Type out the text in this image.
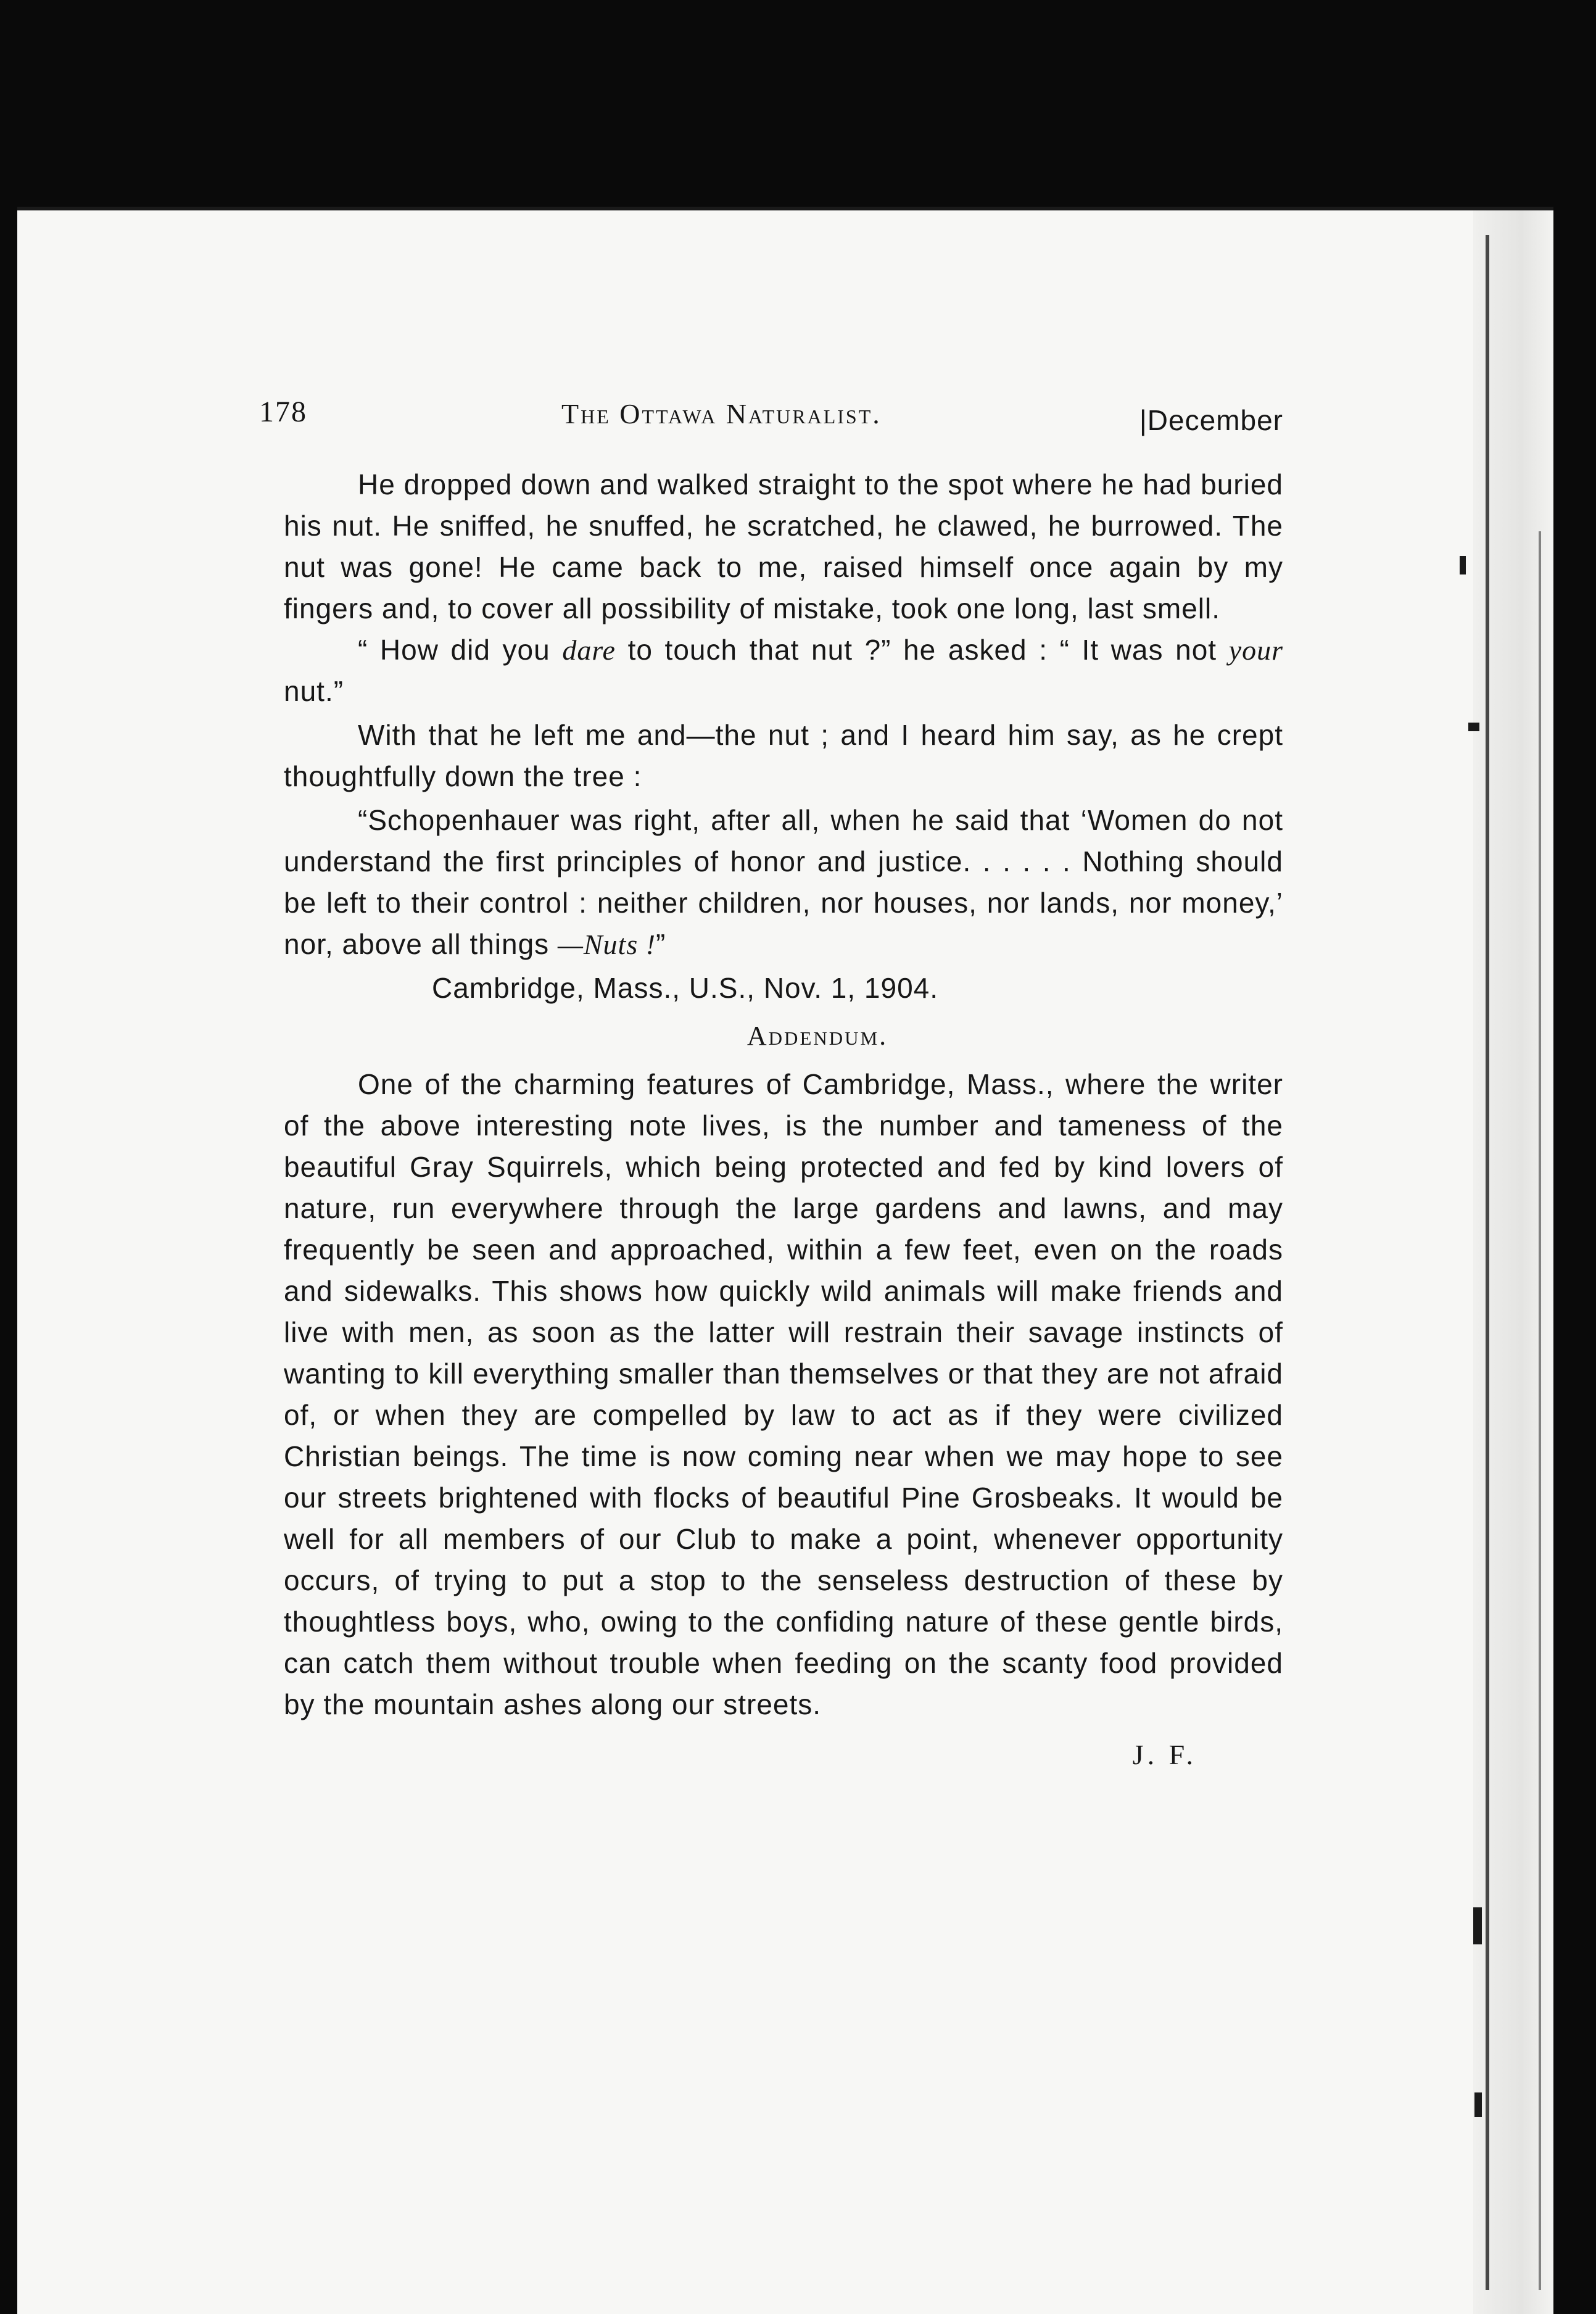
178	The Ottawa Naturalist.	|December

He dropped down and walked straight to the spot where he had buried his nut. He sniffed, he snuffed, he scratched, he clawed, he burrowed. The nut was gone! He came back to me, raised himself once again by my fingers and, to cover all possibility of mistake, took one long, last smell.

“ How did you dare to touch that nut ?” he asked : “ It was not your nut.”

With that he left me and—the nut ; and I heard him say, as he crept thoughtfully down the tree :

“Schopenhauer was right, after all, when he said that ‘Women do not understand the first principles of honor and justice. . . . . . Nothing should be left to their control : neither children, nor houses, nor lands, nor money,’ nor, above all things —Nuts !”

Cambridge, Mass., U.S., Nov. 1, 1904.

Addendum.

One of the charming features of Cambridge, Mass., where the writer of the above interesting note lives, is the number and tameness of the beautiful Gray Squirrels, which being protected and fed by kind lovers of nature, run everywhere through the large gardens and lawns, and may frequently be seen and approached, within a few feet, even on the roads and sidewalks. This shows how quickly wild animals will make friends and live with men, as soon as the latter will restrain their savage instincts of wanting to kill everything smaller than themselves or that they are not afraid of, or when they are compelled by law to act as if they were civilized Christian beings. The time is now coming near when we may hope to see our streets brightened with flocks of beautiful Pine Grosbeaks. It would be well for all members of our Club to make a point, whenever opportunity occurs, of trying to put a stop to the senseless destruction of these by thoughtless boys, who, owing to the confiding nature of these gentle birds, can catch them without trouble when feeding on the scanty food provided by the mountain ashes along our streets.

J. F.
